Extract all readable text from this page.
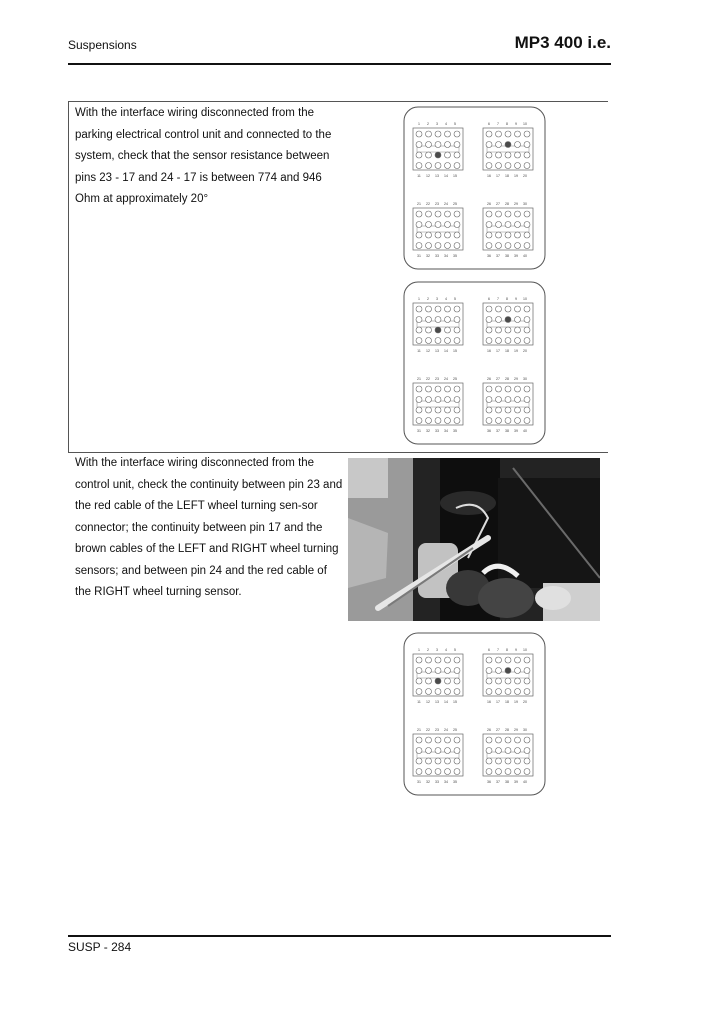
Suspensions	MP3 400 i.e.

With the interface wiring disconnected from the parking electrical control unit and connected to the system, check that the sensor resistance between pins 23 - 17 and 24 - 17 is between 774 and 946 Ohm at approximately 20°

With the interface wiring disconnected from the control unit, check the continuity between pin 23 and the red cable of the LEFT wheel turning sen-sor connector; the continuity between pin 17 and the brown cables of the LEFT and RIGHT wheel turning sensors; and between pin 24 and the red cable of the RIGHT wheel turning sensor.

1 2 3 4 5
11 12 13 14 15
6 7 8 9 10
16 17 18 19 20
21 22 23 24 25
31 32 33 34 35
26 27 28 29 30
36 37 38 39 40
1 2 3 4 5
11 12 13 14 15
6 7 8 9 10
16 17 18 19 20
21 22 23 24 25
31 32 33 34 35
26 27 28 29 30
36 37 38 39 40
1 2 3 4 5
11 12 13 14 15
6 7 8 9 10
16 17 18 19 20
21 22 23 24 25
31 32 33 34 35
26 27 28 29 30
36 37 38 39 40
SUSP - 284
